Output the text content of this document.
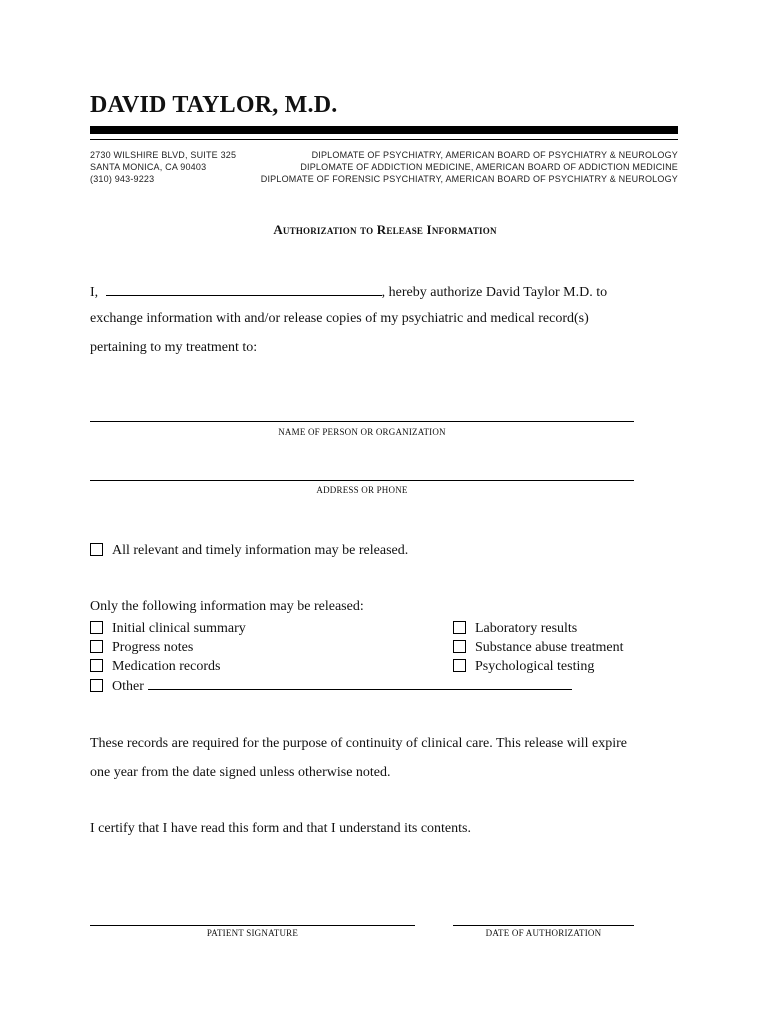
DAVID TAYLOR, M.D.
2730 WILSHIRE BLVD, SUITE 325
SANTA MONICA, CA 90403
(310) 943-9223
DIPLOMATE OF PSYCHIATRY, AMERICAN BOARD OF PSYCHIATRY & NEUROLOGY
DIPLOMATE OF ADDICTION MEDICINE, AMERICAN BOARD OF ADDICTION MEDICINE
DIPLOMATE OF FORENSIC PSYCHIATRY, AMERICAN BOARD OF PSYCHIATRY & NEUROLOGY
Authorization to Release Information
I,	, hereby authorize David Taylor M.D. to
exchange information with and/or release copies of my psychiatric and medical record(s)
pertaining to my treatment to:
NAME OF PERSON OR ORGANIZATION
ADDRESS OR PHONE
All relevant and timely information may be released.
Only the following information may be released:
Initial clinical summary
Progress notes
Medication records
Other
Laboratory results
Substance abuse treatment
Psychological testing
These records are required for the purpose of continuity of clinical care. This release will expire
one year from the date signed unless otherwise noted.
I certify that I have read this form and that I understand its contents.
PATIENT SIGNATURE	DATE OF AUTHORIZATION
